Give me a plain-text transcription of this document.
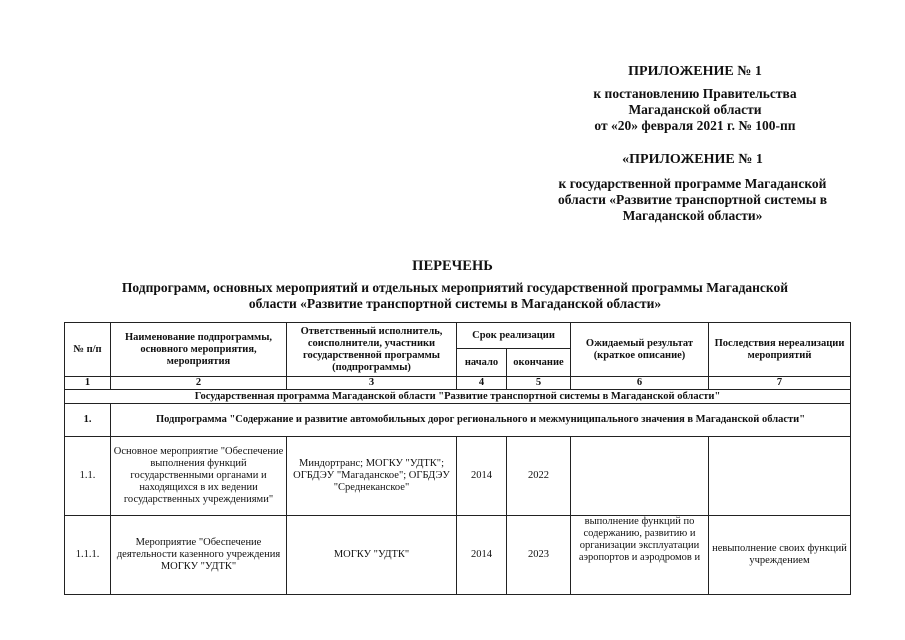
ПРИЛОЖЕНИЕ № 1
к постановлению Правительства
Магаданской области
от «20» февраля 2021 г. № 100-пп
«ПРИЛОЖЕНИЕ № 1
к государственной программе Магаданской
области «Развитие транспортной системы в
Магаданской области»
ПЕРЕЧЕНЬ
Подпрограмм, основных мероприятий и отдельных мероприятий государственной программы Магаданской
области «Развитие транспортной системы в Магаданской области»
№ п/п	Наименование подпрограммы, основного мероприятия, мероприятия	Ответственный исполнитель, соисполнители, участники государственной программы (подпрограммы)	Срок реализации		Ожидаемый результат (краткое описание)	Последствия нереализации мероприятий
			начало	окончание		
1	2	3	4	5	6	7
Государственная программа Магаданской области "Развитие транспортной системы в Магаданской области"						
1.	Подпрограмма "Содержание и развитие автомобильных дорог регионального и межмуниципального значения в Магаданской области"					
1.1.	Основное мероприятие "Обеспечение выполнения функций государственными органами и находящихся в их ведении государственных учреждениями"	Миндортранс; МОГКУ "УДТК"; ОГБДЭУ "Магаданское"; ОГБДЭУ "Среднеканское"	2014	2022		
1.1.1.	Мероприятие "Обеспечение деятельности казенного учреждения МОГКУ "УДТК"	МОГКУ "УДТК"	2014	2023	выполнение функций по содержанию, развитию и организации эксплуатации аэропортов и аэродромов и	невыполнение своих функций учреждением
